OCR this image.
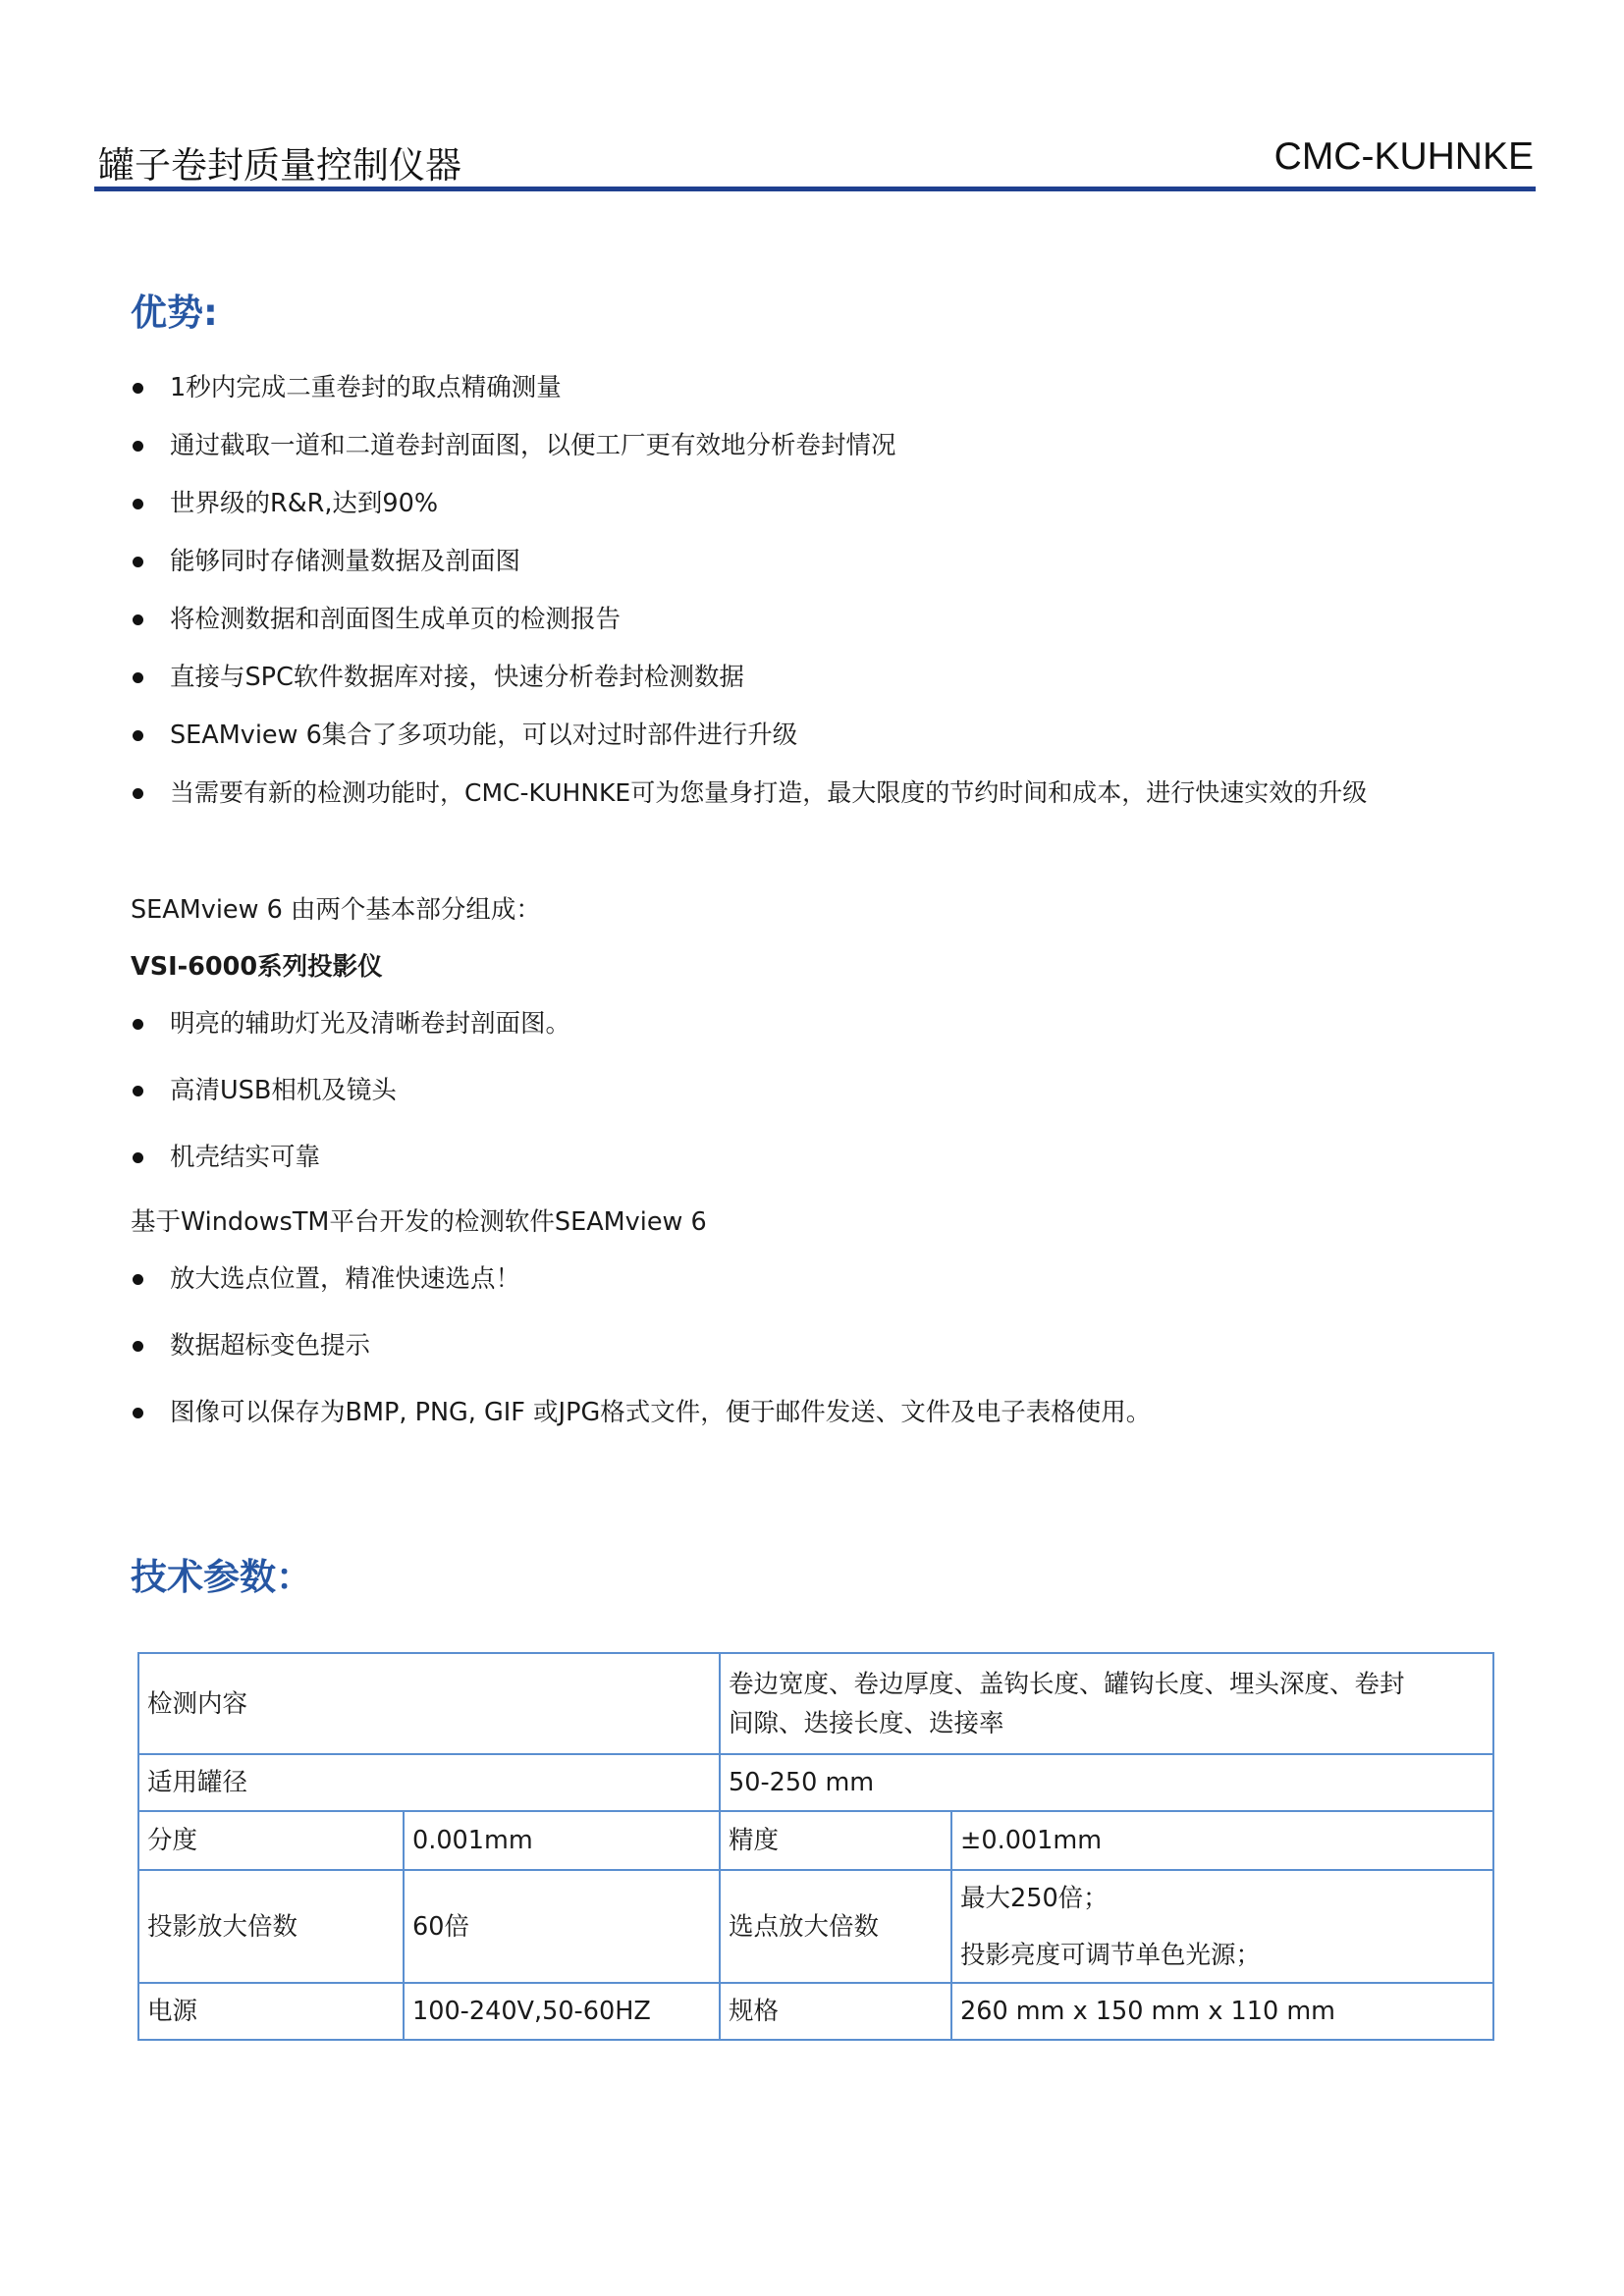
罐子卷封质量控制仪器	CMC-KUHNKE
优势:
1秒内完成二重卷封的取点精确测量
通过截取一道和二道卷封剖面图，以便工厂更有效地分析卷封情况
世界级的R&R,达到90%
能够同时存储测量数据及剖面图
将检测数据和剖面图生成单页的检测报告
直接与SPC软件数据库对接，快速分析卷封检测数据
SEAMview 6集合了多项功能，可以对过时部件进行升级
当需要有新的检测功能时，CMC-KUHNKE可为您量身打造，最大限度的节约时间和成本，进行快速实效的升级
SEAMview 6 由两个基本部分组成：
VSI-6000系列投影仪
明亮的辅助灯光及清晰卷封剖面图。
高清USB相机及镜头
机壳结实可靠
基于WindowsTM平台开发的检测软件SEAMview 6
放大选点位置，精准快速选点！
数据超标变色提示
图像可以保存为BMP, PNG, GIF 或JPG格式文件，便于邮件发送、文件及电子表格使用。
技术参数：
检测内容		卷边宽度、卷边厚度、盖钩长度、罐钩长度、埋头深度、卷封
间隙、迭接长度、迭接率	

适用罐径		50-250 mm	
分度	0.001mm	精度	±0.001mm
投影放大倍数	60倍	选点放大倍数	最大250倍；
投影亮度可调节单色光源；

电源	100-240V,50-60HZ	规格	260 mm x 150 mm x 110 mm
